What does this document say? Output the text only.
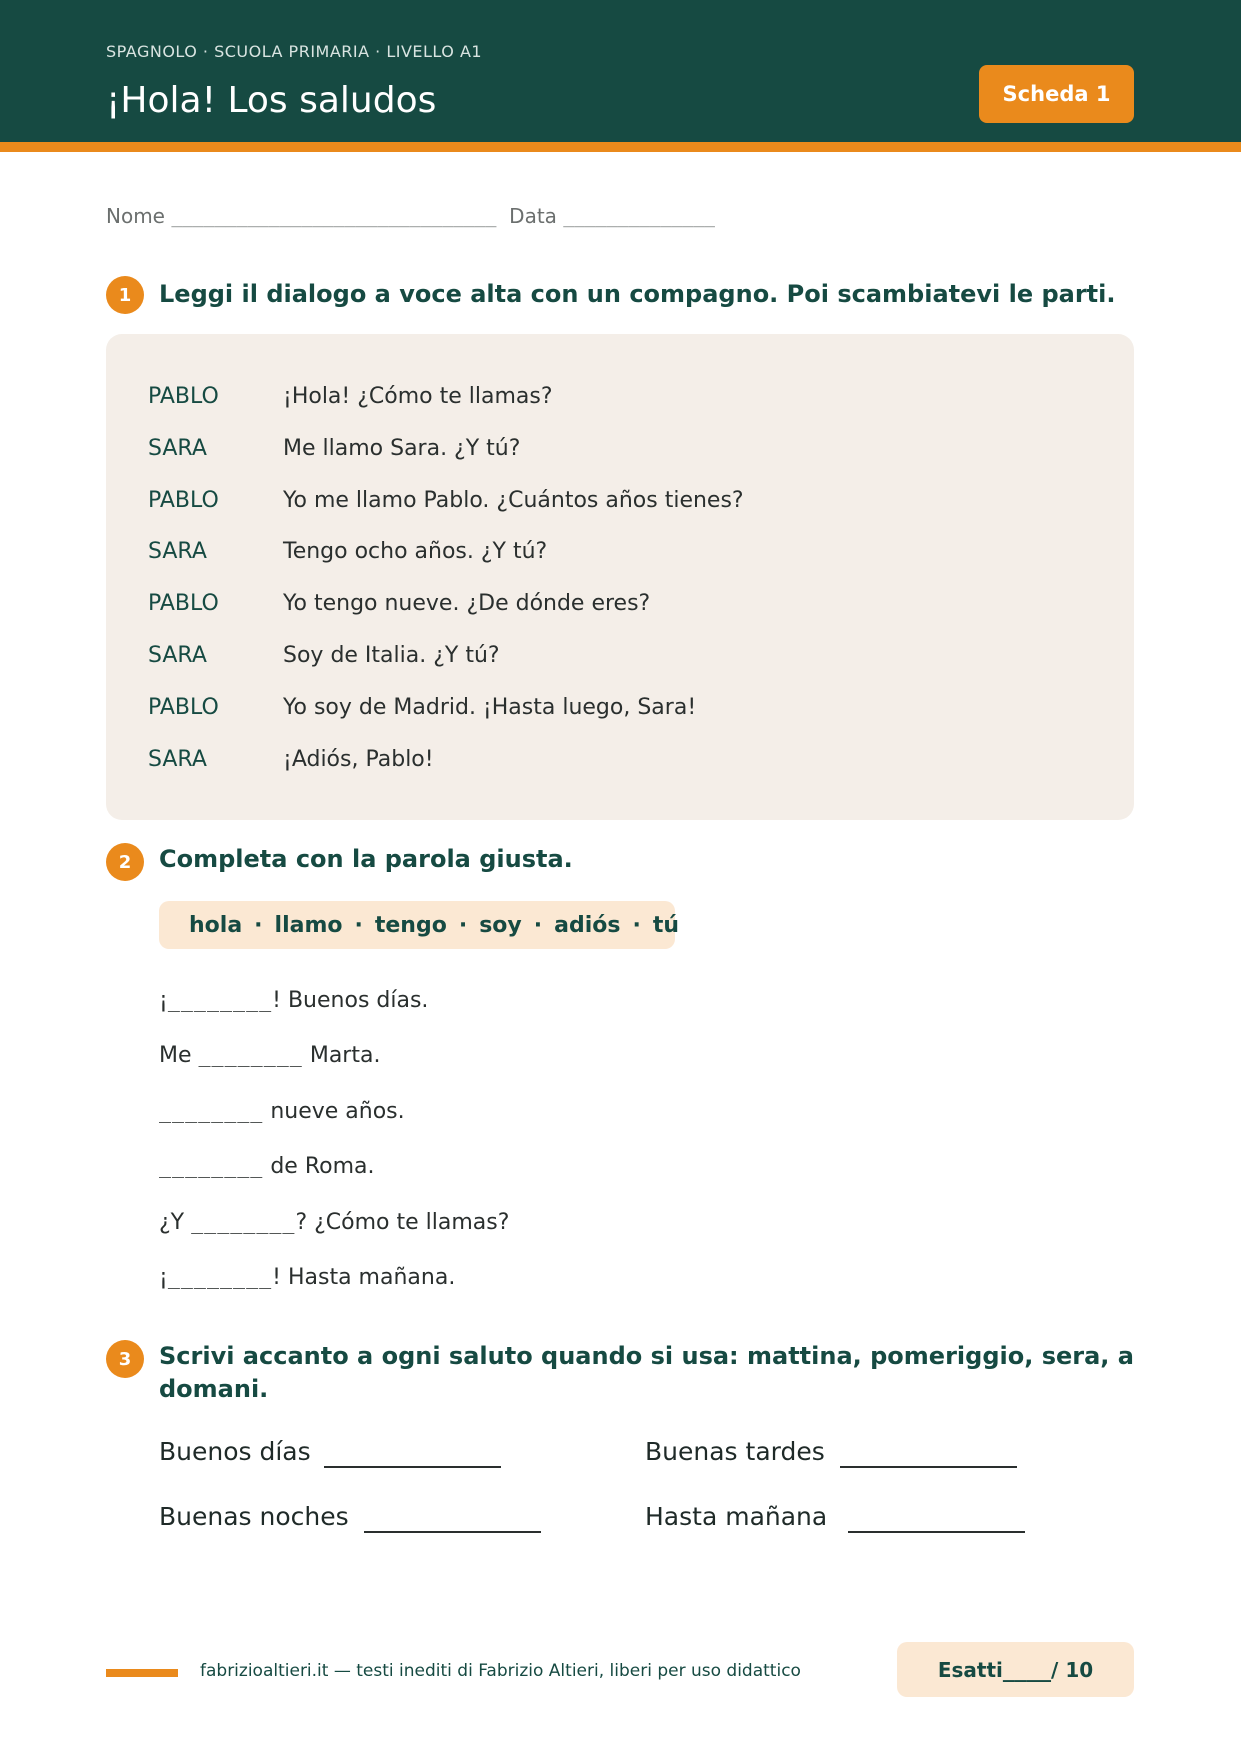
SPAGNOLO · SCUOLA PRIMARIA · LIVELLO A1
¡Hola! Los saludos	Scheda 1
Nome ______________________________ Data ______________
1	Leggi il dialogo a voce alta con un compagno. Poi scambiatevi le parti.
PABLO	¡Hola! ¿Cómo te llamas?
SARA	Me llamo Sara. ¿Y tú?
PABLO	Yo me llamo Pablo. ¿Cuántos años tienes?
SARA	Tengo ocho años. ¿Y tú?
PABLO	Yo tengo nueve. ¿De dónde eres?
SARA	Soy de Italia. ¿Y tú?
PABLO	Yo soy de Madrid. ¡Hasta luego, Sara!
SARA	¡Adiós, Pablo!
2	Completa con la parola giusta.
hola · llamo · tengo · soy · adiós · tú
¡________! Buenos días.
Me ________ Marta.
________ nueve años.
________ de Roma.
¿Y ________? ¿Cómo te llamas?
¡________! Hasta mañana.
3	Scrivi accanto a ogni saluto quando si usa: mattina, pomeriggio, sera, a
domani.
Buenos días	Buenas tardes
Buenas noches	Hasta mañana
fabrizioaltieri.it — testi inediti di Fabrizio Altieri, liberi per uso didattico	Esatti ____ / 10
